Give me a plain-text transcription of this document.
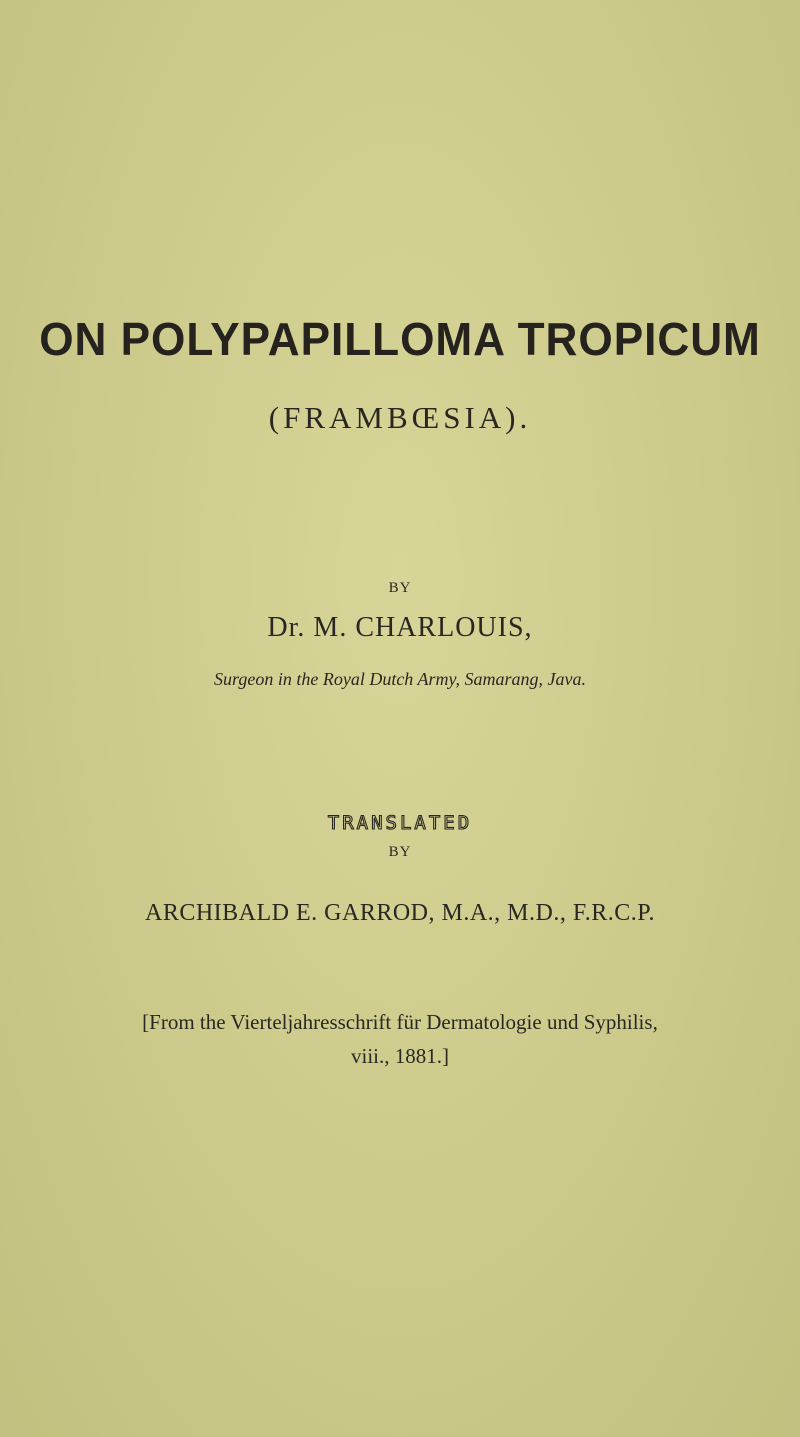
ON POLYPAPILLOMA TROPICUM
(FRAMBŒSIA).
BY
Dr. M. CHARLOUIS,
Surgeon in the Royal Dutch Army, Samarang, Java.
TRANSLATED
BY
ARCHIBALD E. GARROD, M.A., M.D., F.R.C.P.
[From the Vierteljahresschrift für Dermatologie und Syphilis,
viii., 1881.]
